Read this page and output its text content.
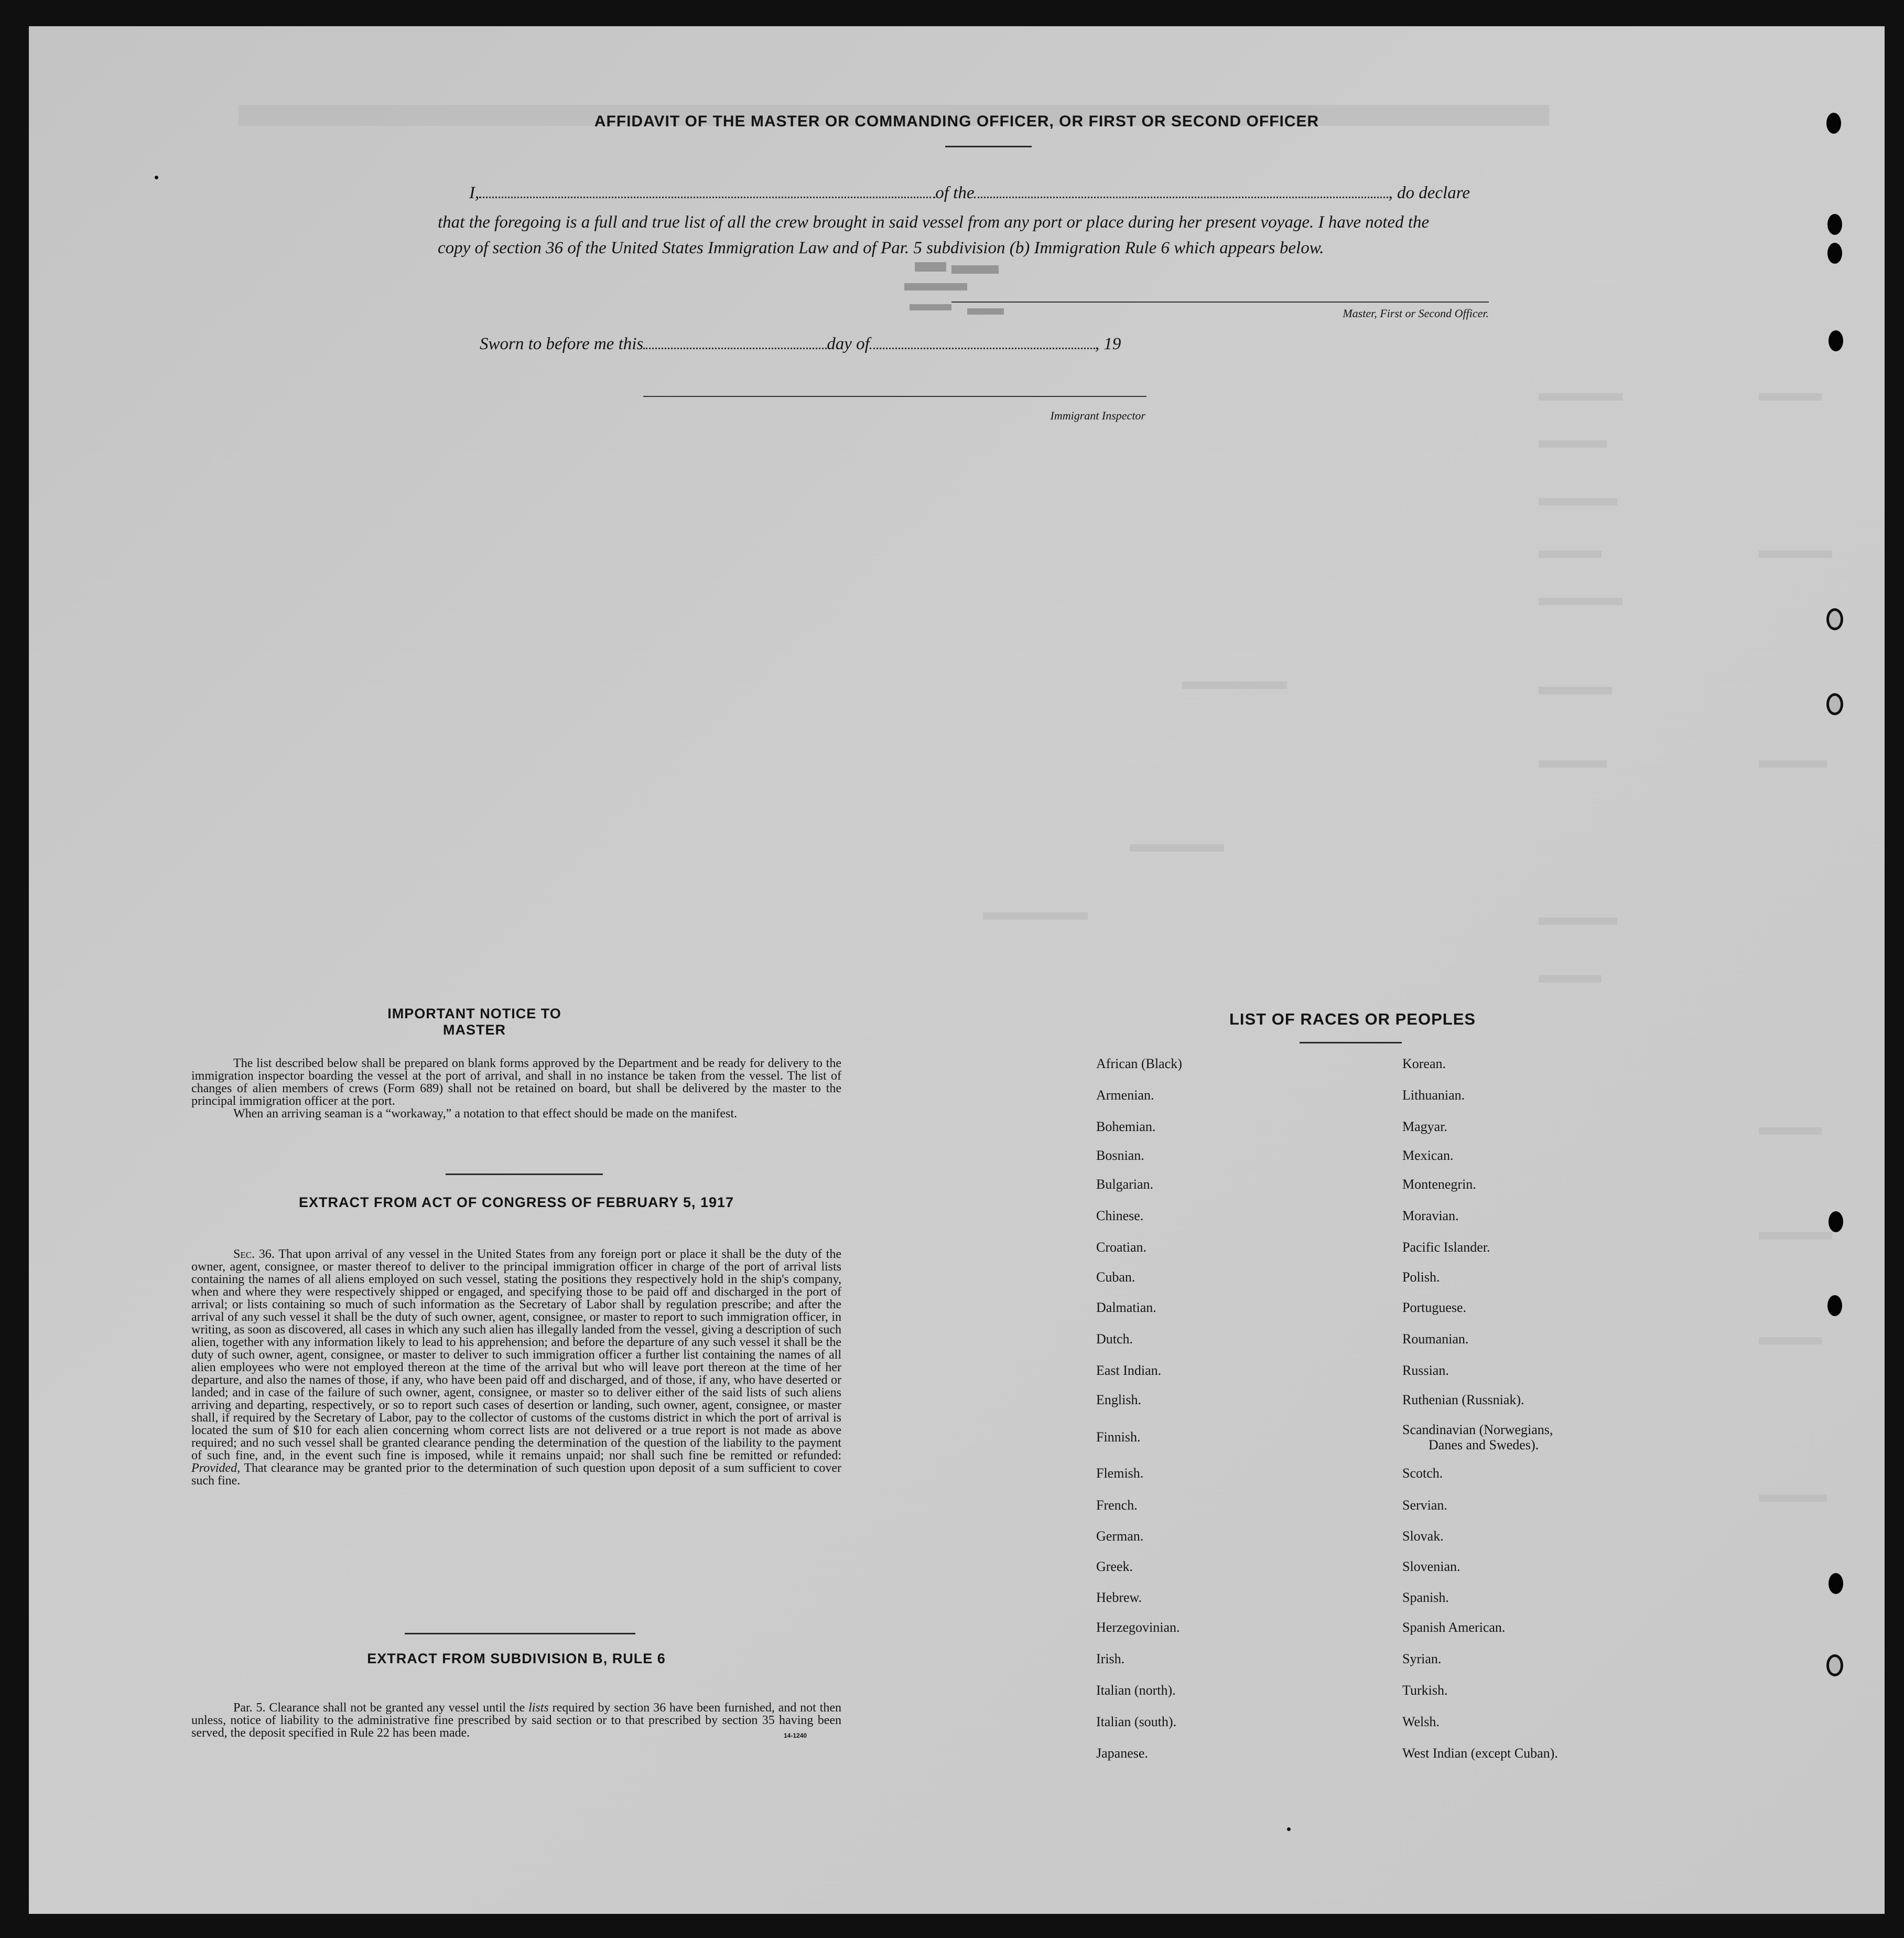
AFFIDAVIT OF THE MASTER OR COMMANDING OFFICER, OR FIRST OR SECOND OFFICER
I,	of the	, do declare
that the foregoing is a full and true list of all the crew brought in said vessel from any port or place during her present voyage. I have noted the
copy of section 36 of the United States Immigration Law and of Par. 5 subdivision (b) Immigration Rule 6 which appears below.
Master, First or Second Officer.
Sworn to before me this	day of	, 19
Immigrant Inspector
IMPORTANT NOTICE TO MASTER

The list described below shall be prepared on blank forms approved by the Department and be ready for delivery to the immigration inspector boarding the vessel at the port of arrival, and shall in no instance be taken from the vessel. The list of changes of alien members of crews (Form 689) shall not be retained on board, but shall be delivered by the master to the principal immigration officer at the port.

When an arriving seaman is a “workaway,” a notation to that effect should be made on the manifest.

EXTRACT FROM ACT OF CONGRESS OF FEBRUARY 5, 1917

Sec. 36. That upon arrival of any vessel in the United States from any foreign port or place it shall be the duty of the owner, agent, consignee, or master thereof to deliver to the principal immigration officer in charge of the port of arrival lists containing the names of all aliens employed on such vessel, stating the positions they respectively hold in the ship's company, when and where they were respectively shipped or engaged, and specifying those to be paid off and discharged in the port of arrival; or lists containing so much of such information as the Secretary of Labor shall by regulation prescribe; and after the arrival of any such vessel it shall be the duty of such owner, agent, consignee, or master to report to such immigration officer, in writing, as soon as discovered, all cases in which any such alien has illegally landed from the vessel, giving a description of such alien, together with any information likely to lead to his apprehension; and before the departure of any such vessel it shall be the duty of such owner, agent, consignee, or master to deliver to such immigration officer a further list containing the names of all alien employees who were not employed thereon at the time of the arrival but who will leave port thereon at the time of her departure, and also the names of those, if any, who have been paid off and discharged, and of those, if any, who have deserted or landed; and in case of the failure of such owner, agent, consignee, or master so to deliver either of the said lists of such aliens arriving and departing, respectively, or so to report such cases of desertion or landing, such owner, agent, consignee, or master shall, if required by the Secretary of Labor, pay to the collector of customs of the customs district in which the port of arrival is located the sum of $10 for each alien concerning whom correct lists are not delivered or a true report is not made as above required; and no such vessel shall be granted clearance pending the determination of the question of the liability to the payment of such fine, and, in the event such fine is imposed, while it remains unpaid; nor shall such fine be remitted or refunded: Provided, That clearance may be granted prior to the determination of such question upon deposit of a sum sufficient to cover such fine.

EXTRACT FROM SUBDIVISION B, RULE 6

Par. 5. Clearance shall not be granted any vessel until the lists required by section 36 have been furnished, and not then unless, notice of liability to the administrative fine prescribed by said section or to that prescribed by section 35 having been served, the deposit specified in Rule 22 has been made.	14-1240
LIST OF RACES OR PEOPLES
African (Black)
Armenian.
Bohemian.
Bosnian.
Bulgarian.
Chinese.
Croatian.
Cuban.
Dalmatian.
Dutch.
East Indian.
English.
Finnish.
Flemish.
French.
German.
Greek.
Hebrew.
Herzegovinian.
Irish.
Italian (north).
Italian (south).
Japanese.
Korean.
Lithuanian.
Magyar.
Mexican.
Montenegrin.
Moravian.
Pacific Islander.
Polish.
Portuguese.
Roumanian.
Russian.
Ruthenian (Russniak).
Scandinavian (Norwegians,
Scotch.
Servian.
Slovak.
Slovenian.
Spanish.
Spanish American.
Syrian.
Turkish.
Welsh.
West Indian (except Cuban).
Danes and Swedes).
